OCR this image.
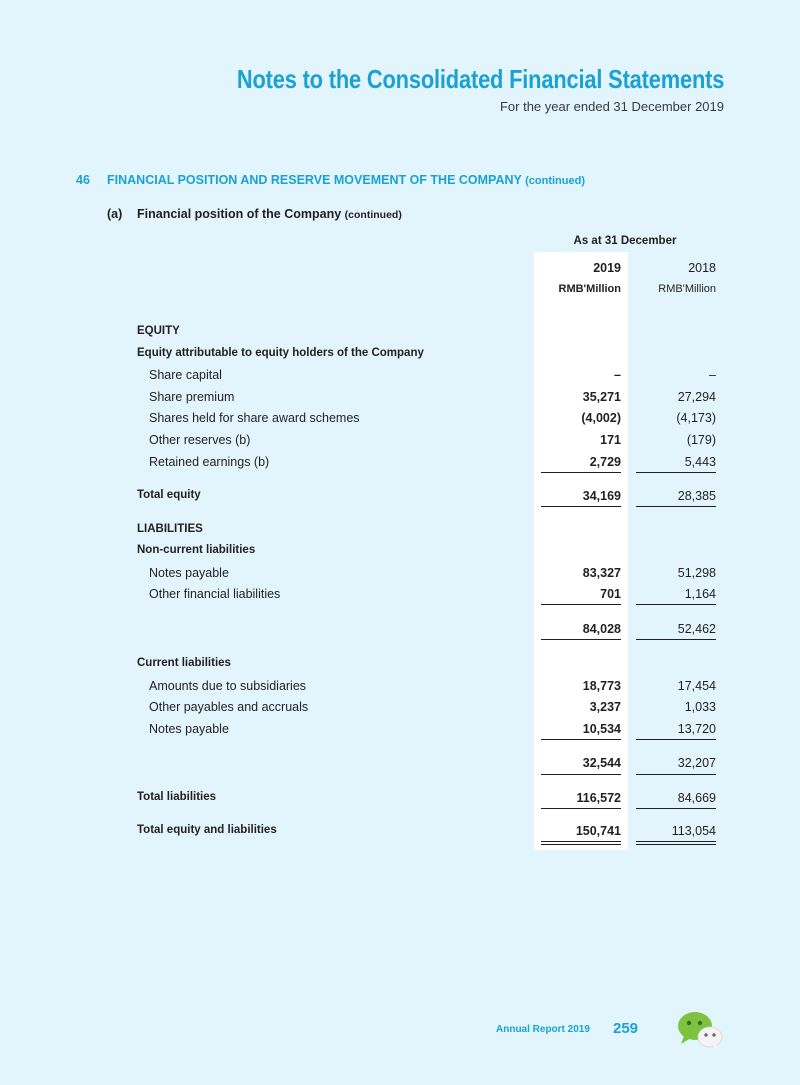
Notes to the Consolidated Financial Statements
For the year ended 31 December 2019
46 FINANCIAL POSITION AND RESERVE MOVEMENT OF THE COMPANY (continued)
(a) Financial position of the Company (continued)
As at 31 December
2019	2018
RMB'Million	RMB'Million
EQUITY
Equity attributable to equity holders of the Company
Share capital	–	–
Share premium	35,271	27,294
Shares held for share award schemes	(4,002)	(4,173)
Other reserves (b)	171	(179)
Retained earnings (b)	2,729	5,443
Total equity	34,169	28,385
LIABILITIES
Non-current liabilities
Notes payable	83,327	51,298
Other financial liabilities	701	1,164
84,028	52,462
Current liabilities
Amounts due to subsidiaries	18,773	17,454
Other payables and accruals	3,237	1,033
Notes payable	10,534	13,720
32,544	32,207
Total liabilities	116,572	84,669
Total equity and liabilities	150,741	113,054
Annual Report 2019 259
